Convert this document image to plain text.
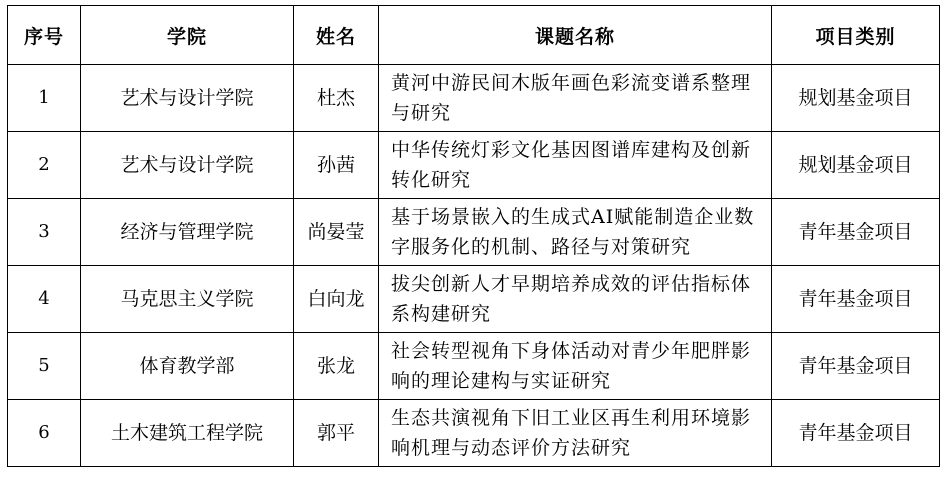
序号	学院	姓名	课题名称	项目类别
1	艺术与设计学院	杜杰	黄河中游民间木版年画色彩流变谱系整理与研究	规划基金项目
2	艺术与设计学院	孙茜	中华传统灯彩文化基因图谱库建构及创新转化研究	规划基金项目
3	经济与管理学院	尚晏莹	基于场景嵌入的生成式AI赋能制造企业数字服务化的机制、路径与对策研究	青年基金项目
4	马克思主义学院	白向龙	拔尖创新人才早期培养成效的评估指标体系构建研究	青年基金项目
5	体育教学部	张龙	社会转型视角下身体活动对青少年肥胖影响的理论建构与实证研究	青年基金项目
6	土木建筑工程学院	郭平	生态共演视角下旧工业区再生利用环境影响机理与动态评价方法研究	青年基金项目
